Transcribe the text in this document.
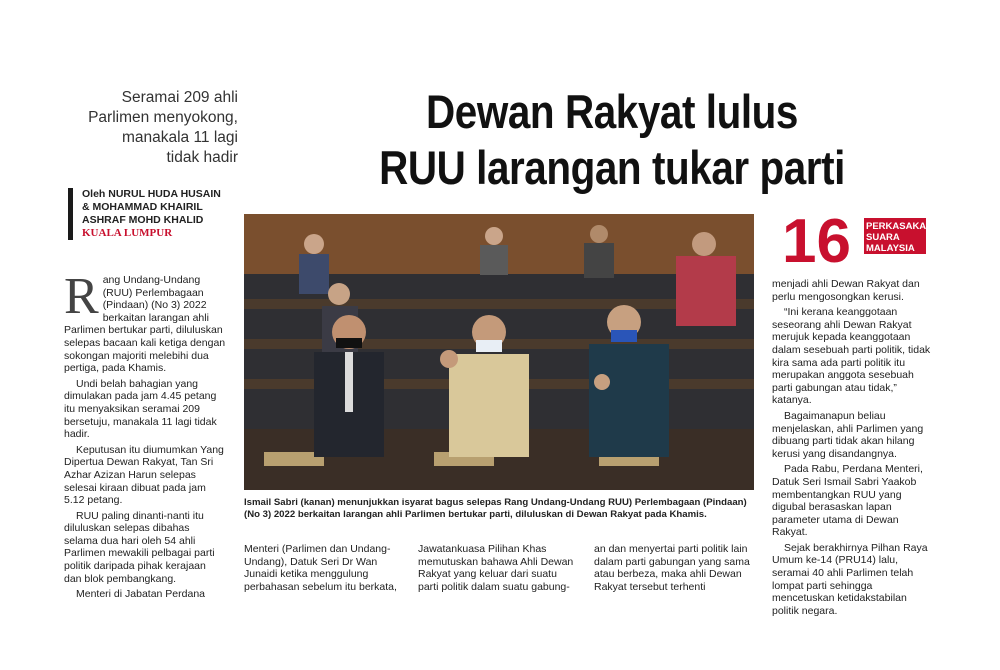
Seramai 209 ahli
Parlimen menyokong,
manakala 11 lagi
tidak hadir
Dewan Rakyat lulus
RUU larangan tukar parti
Oleh NURUL HUDA HUSAIN
& MOHAMMAD KHAIRIL
ASHRAF MOHD KHALID
KUALA LUMPUR

Rang Undang-Undang (RUU) Perlembagaan (Pindaan) (No 3) 2022 berkaitan larangan ahli Parlimen bertukar parti, diluluskan selepas bacaan kali ketiga dengan sokongan majoriti melebihi dua pertiga, pada Khamis.

Undi belah bahagian yang dimulakan pada jam 4.45 petang itu menyaksikan seramai 209 bersetuju, manakala 11 lagi tidak hadir.

Keputusan itu diumumkan Yang Dipertua Dewan Rakyat, Tan Sri Azhar Azizan Harun selepas selesai kiraan dibuat pada jam 5.12 petang.

RUU paling dinanti-nanti itu diluluskan selepas dibahas selama dua hari oleh 54 ahli Parlimen mewakili pelbagai parti politik daripada pihak kerajaan dan blok pembangkang.

Menteri di Jabatan Perdana

Ismail Sabri (kanan) menunjukkan isyarat bagus selepas Rang Undang-Undang RUU) Perlembagaan (Pindaan) (No 3) 2022 berkaitan larangan ahli Parlimen bertukar parti, diluluskan di Dewan Rakyat pada Khamis.
16 PERKASAKAN
SUARA
MALAYSIA

Menteri (Parlimen dan Undang-Undang), Datuk Seri Dr Wan Junaidi ketika menggulung perbahasan sebelum itu berkata,

Jawatankuasa Pilihan Khas memutuskan bahawa Ahli Dewan Rakyat yang keluar dari suatu parti politik dalam suatu gabung-

an dan menyertai parti politik lain dalam parti gabungan yang sama atau berbeza, maka ahli Dewan Rakyat tersebut terhenti

menjadi ahli Dewan Rakyat dan perlu mengosongkan kerusi.

“Ini kerana keanggotaan seseorang ahli Dewan Rakyat merujuk kepada keanggotaan dalam sesebuah parti politik, tidak kira sama ada parti politik itu merupakan anggota sesebuah parti gabungan atau tidak,” katanya.

Bagaimanapun beliau menjelaskan, ahli Parlimen yang dibuang parti tidak akan hilang kerusi yang disandangnya.

Pada Rabu, Perdana Menteri, Datuk Seri Ismail Sabri Yaakob membentangkan RUU yang digubal berasaskan lapan parameter utama di Dewan Rakyat.

Sejak berakhirnya Pilhan Raya Umum ke-14 (PRU14) lalu, seramai 40 ahli Parlimen telah lompat parti sehingga mencetuskan ketidakstabilan politik negara.
